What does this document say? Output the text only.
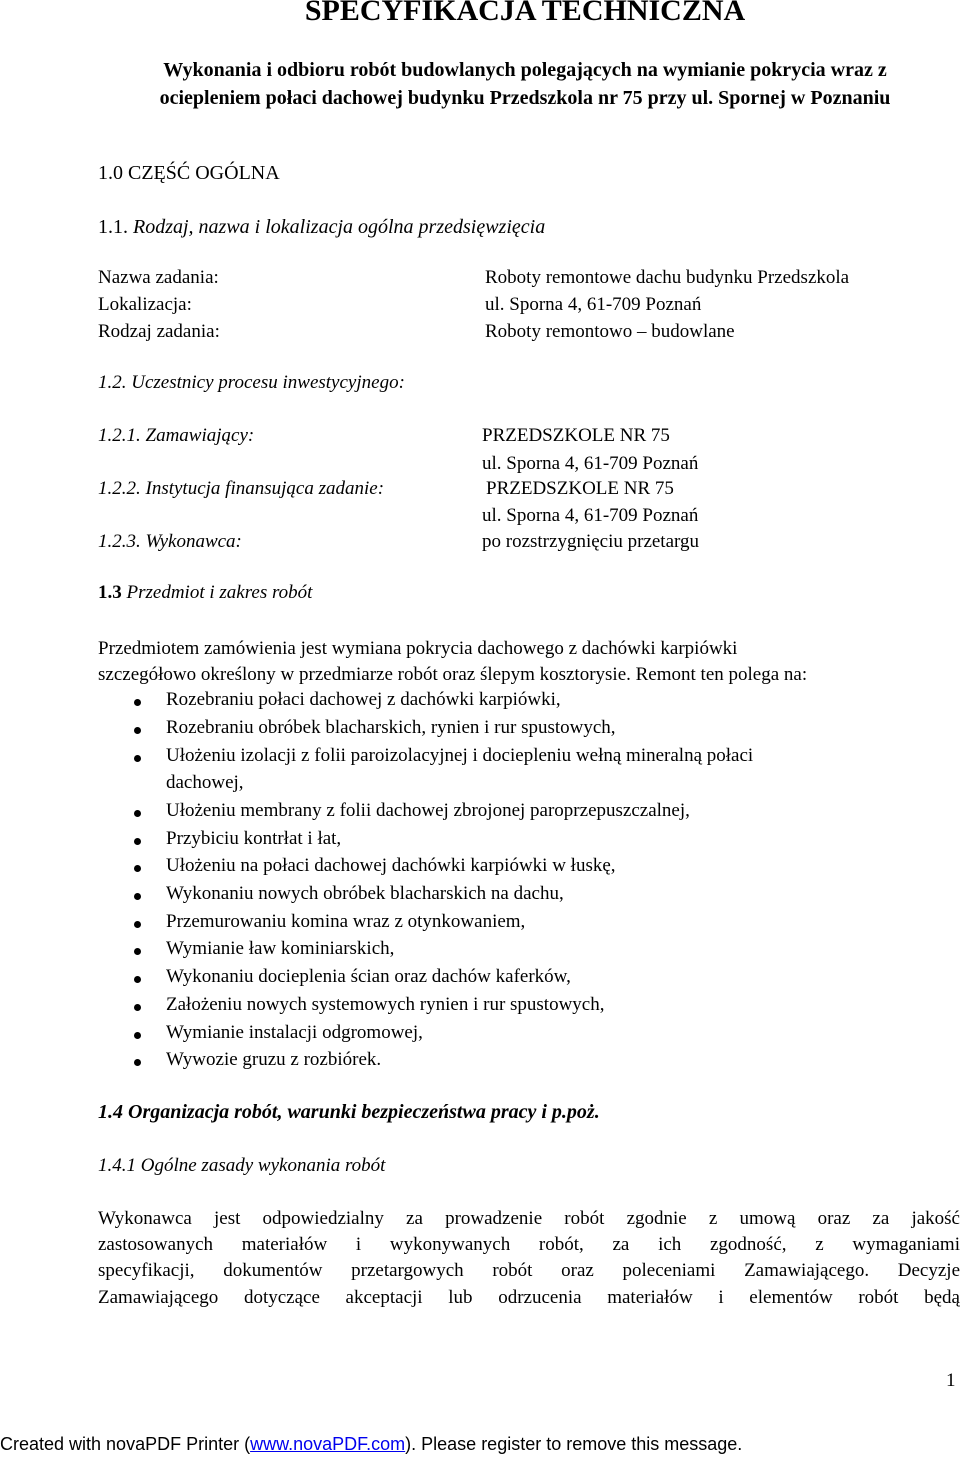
SPECYFIKACJA TECHNICZNA
Wykonania i odbioru robót budowlanych polegających na wymianie pokrycia wraz z
ociepleniem połaci dachowej budynku Przedszkola nr 75 przy ul. Spornej w Poznaniu
1.0 CZĘŚĆ OGÓLNA
1.1. Rodzaj, nazwa i lokalizacja ogólna przedsięwzięcia
Nazwa zadania:	Roboty remontowe dachu budynku Przedszkola
Lokalizacja:	ul. Sporna 4, 61-709 Poznań
Rodzaj zadania:	Roboty remontowo – budowlane
1.2. Uczestnicy procesu inwestycyjnego:
1.2.1. Zamawiający:	PRZEDSZKOLE NR 75
ul. Sporna 4, 61-709 Poznań
1.2.2. Instytucja finansująca zadanie:	PRZEDSZKOLE NR 75
ul. Sporna 4, 61-709 Poznań
1.2.3. Wykonawca:	po rozstrzygnięciu przetargu
1.3 Przedmiot i zakres robót
Przedmiotem zamówienia jest wymiana pokrycia dachowego z dachówki karpiówki
szczegółowo określony w przedmiarze robót oraz ślepym kosztorysie. Remont ten polega na:
Rozebraniu połaci dachowej z dachówki karpiówki,
Rozebraniu obróbek blacharskich, rynien i rur spustowych,
Ułożeniu izolacji z folii paroizolacyjnej i dociepleniu wełną mineralną połaci
dachowej,
Ułożeniu membrany z folii dachowej zbrojonej paroprzepuszczalnej,
Przybiciu kontrłat i łat,
Ułożeniu na połaci dachowej dachówki karpiówki w łuskę,
Wykonaniu nowych obróbek blacharskich na dachu,
Przemurowaniu komina wraz z otynkowaniem,
Wymianie ław kominiarskich,
Wykonaniu docieplenia ścian oraz dachów kaferków,
Założeniu nowych systemowych rynien i rur spustowych,
Wymianie instalacji odgromowej,
Wywozie gruzu z rozbiórek.
1.4 Organizacja robót, warunki bezpieczeństwa pracy i p.poż.
1.4.1 Ogólne zasady wykonania robót
Wykonawca jest odpowiedzialny za prowadzenie robót zgodnie z umową oraz za jakość
zastosowanych materiałów i wykonywanych robót, za ich zgodność, z wymaganiami
specyfikacji, dokumentów przetargowych robót oraz poleceniami Zamawiającego. Decyzje
Zamawiającego dotyczące akceptacji lub odrzucenia materiałów i elementów robót będą
1
Created with novaPDF Printer (www.novaPDF.com). Please register to remove this message.
